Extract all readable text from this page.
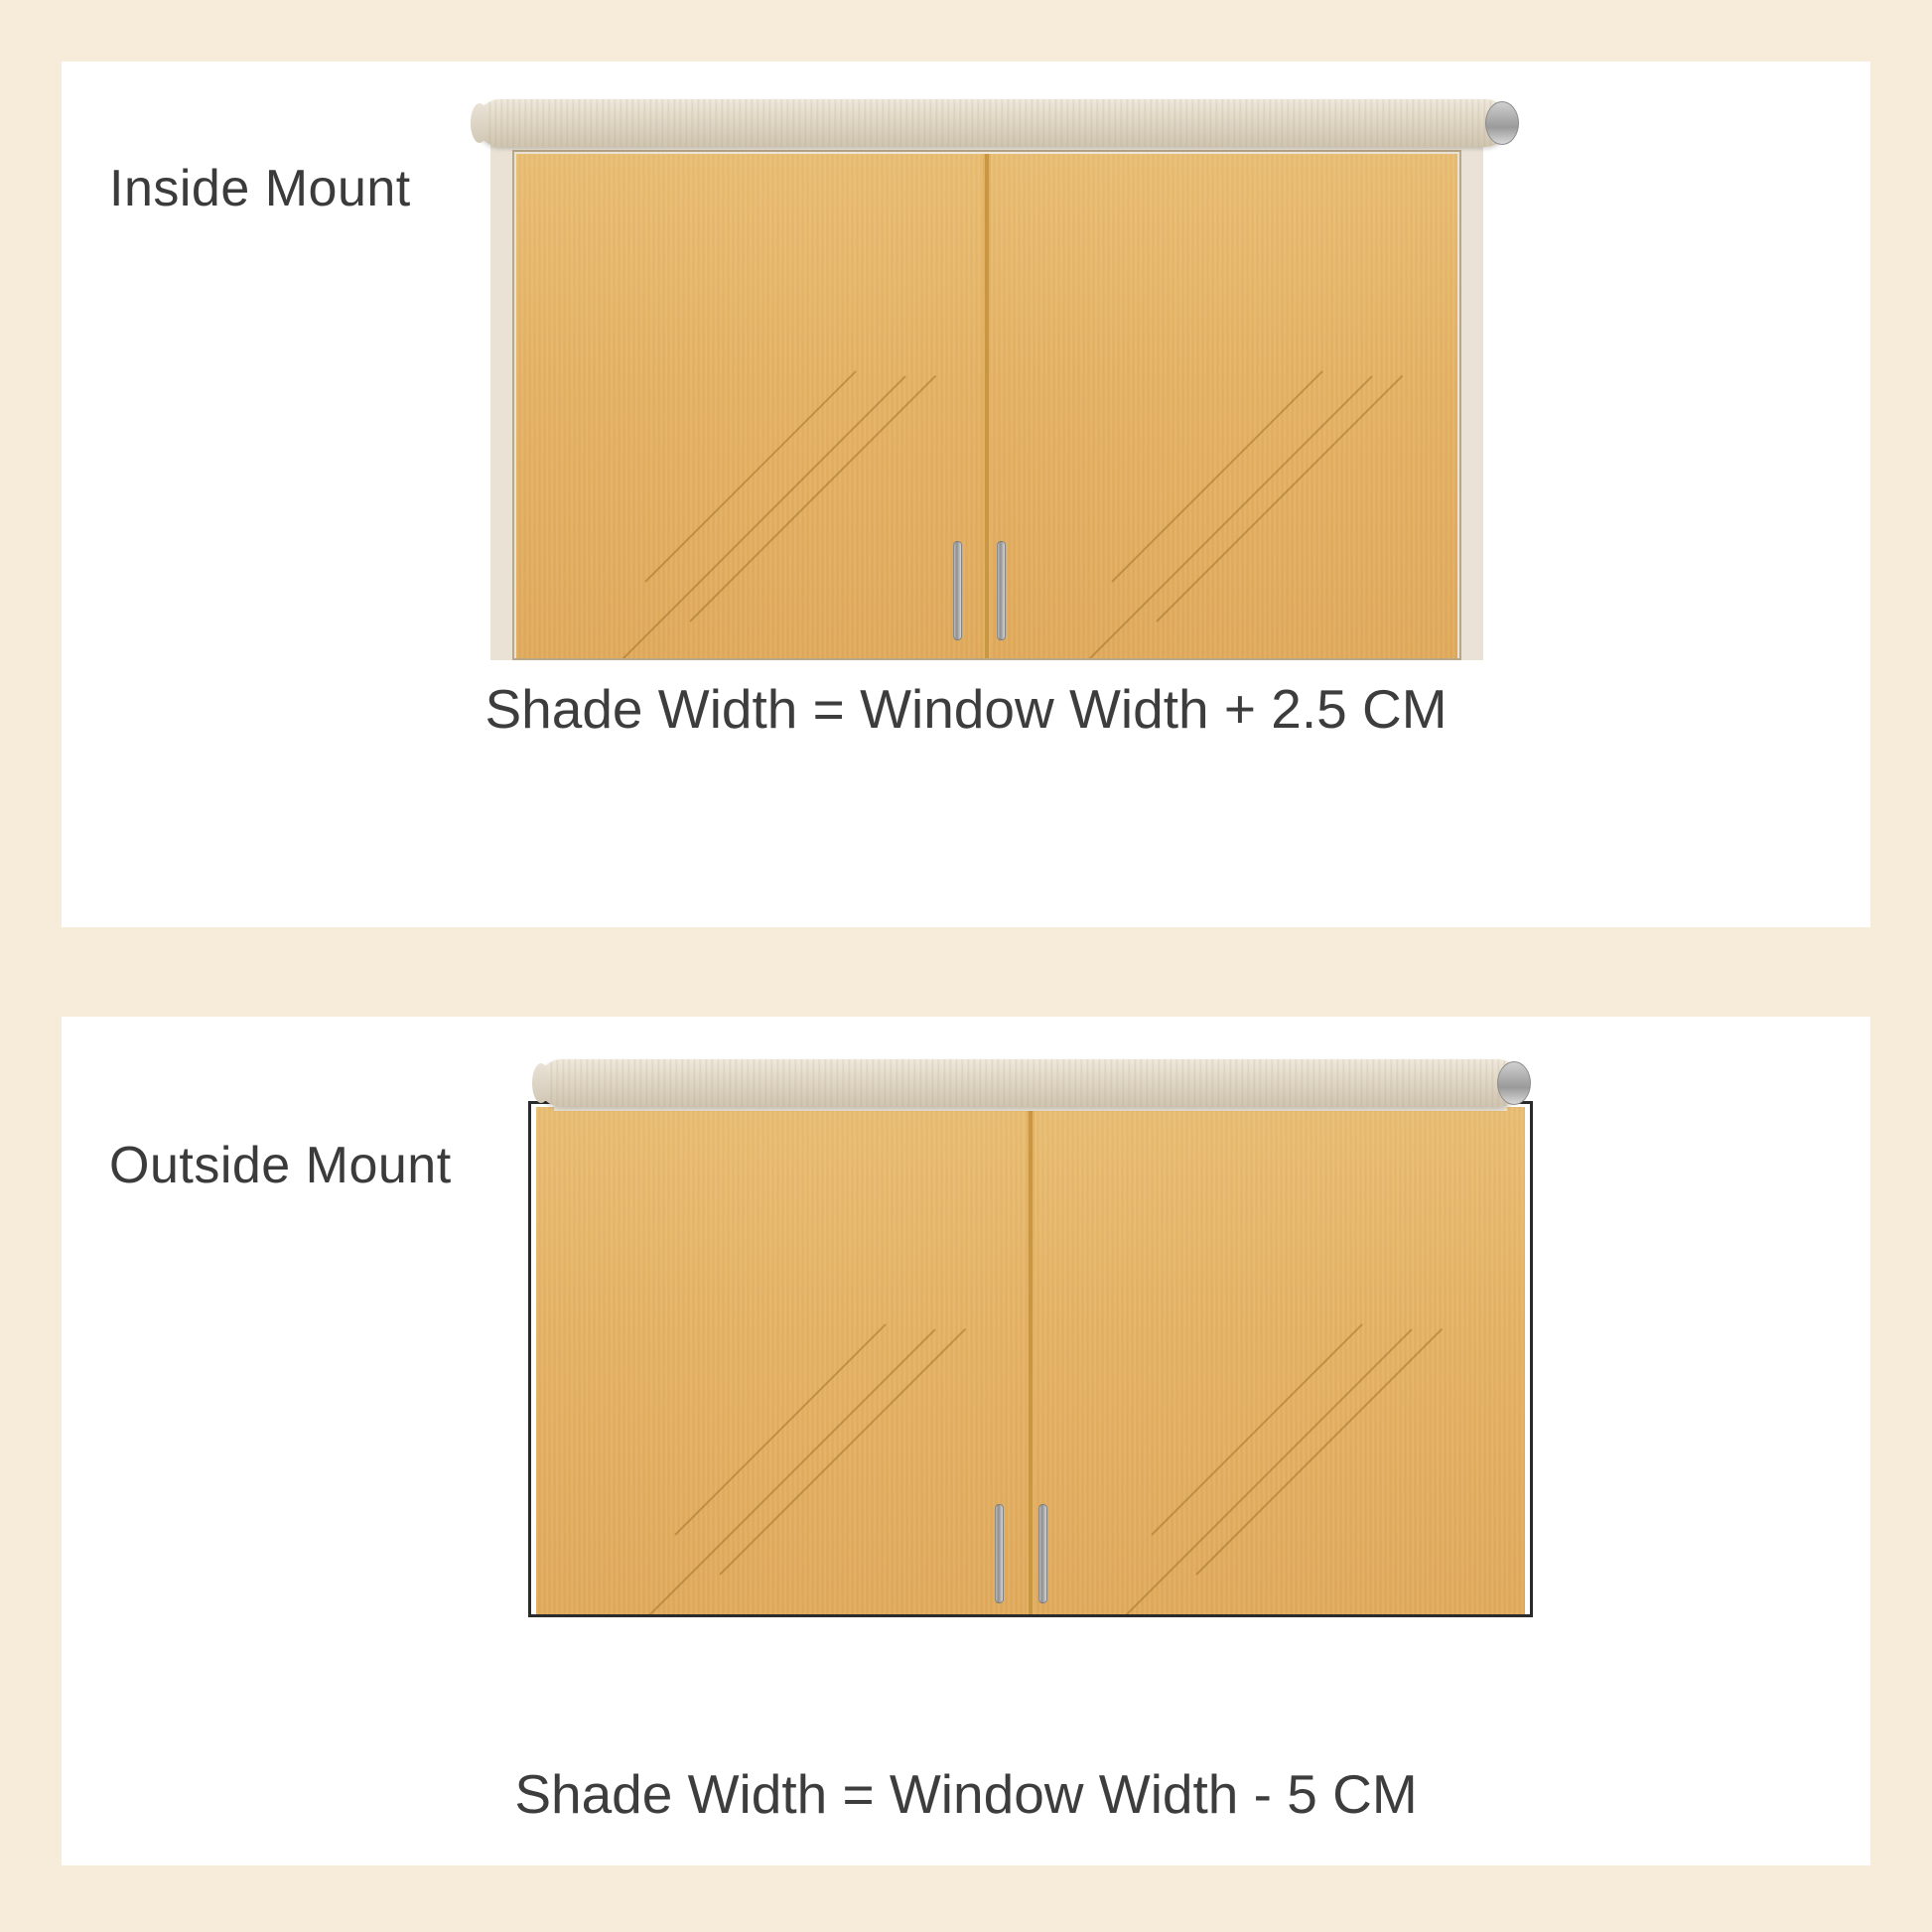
Inside Mount
Shade Width = Window Width + 2.5 CM
Outside Mount
Shade Width = Window Width - 5 CM
